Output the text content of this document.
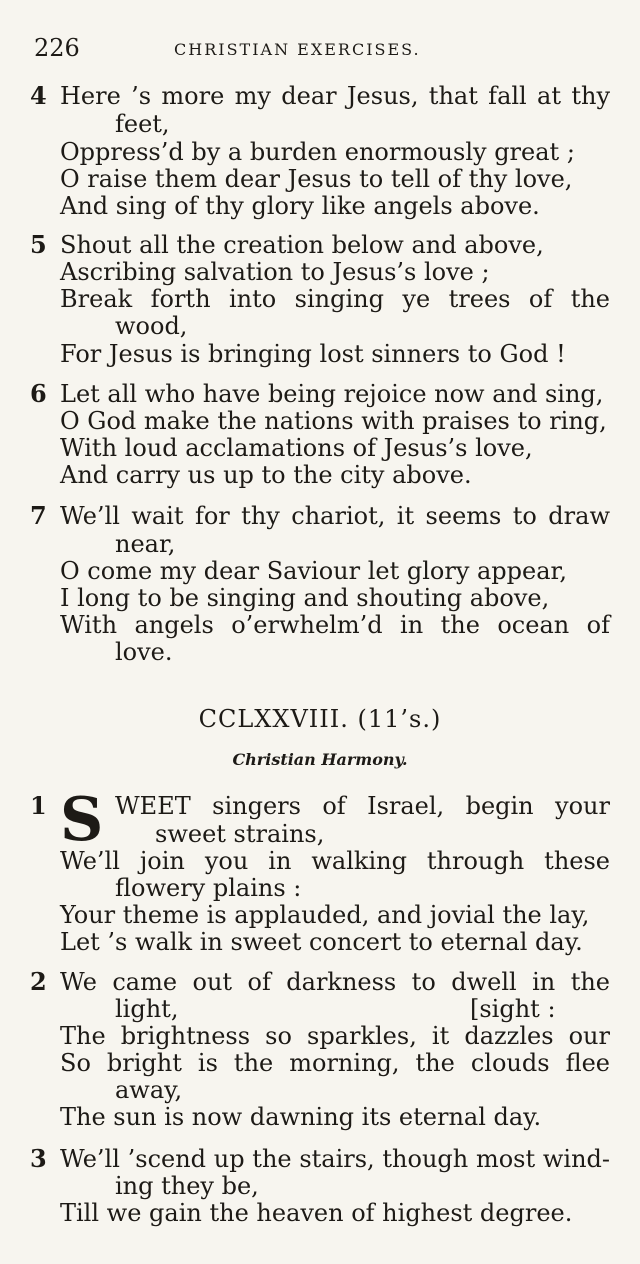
226	CHRISTIAN EXERCISES.
4 Here ’s more my dear Jesus, that fall at thy
feet,
Oppress’d by a burden enormously great ;
O raise them dear Jesus to tell of thy love,
And sing of thy glory like angels above.
5 Shout all the creation below and above,
Ascribing salvation to Jesus’s love ;
Break forth into singing ye trees of the
wood,
For Jesus is bringing lost sinners to God !
6 Let all who have being rejoice now and sing,
O God make the nations with praises to ring,
With loud acclamations of Jesus’s love,
And carry us up to the city above.
7 We’ll wait for thy chariot, it seems to draw
near,
O come my dear Saviour let glory appear,
I long to be singing and shouting above,
With angels o’erwhelm’d in the ocean of
love.
CCLXXVIII. (11’s.)
Christian Harmony.
1 S WEET singers of Israel, begin your
sweet strains,
We’ll join you in walking through these
flowery plains :
Your theme is applauded, and jovial the lay,
Let ’s walk in sweet concert to eternal day.
2 We came out of darkness to dwell in the
light,	[sight :
The brightness so sparkles, it dazzles our
So bright is the morning, the clouds flee
away,
The sun is now dawning its eternal day.
3 We’ll ’scend up the stairs, though most wind-
ing they be,
Till we gain the heaven of highest degree.
